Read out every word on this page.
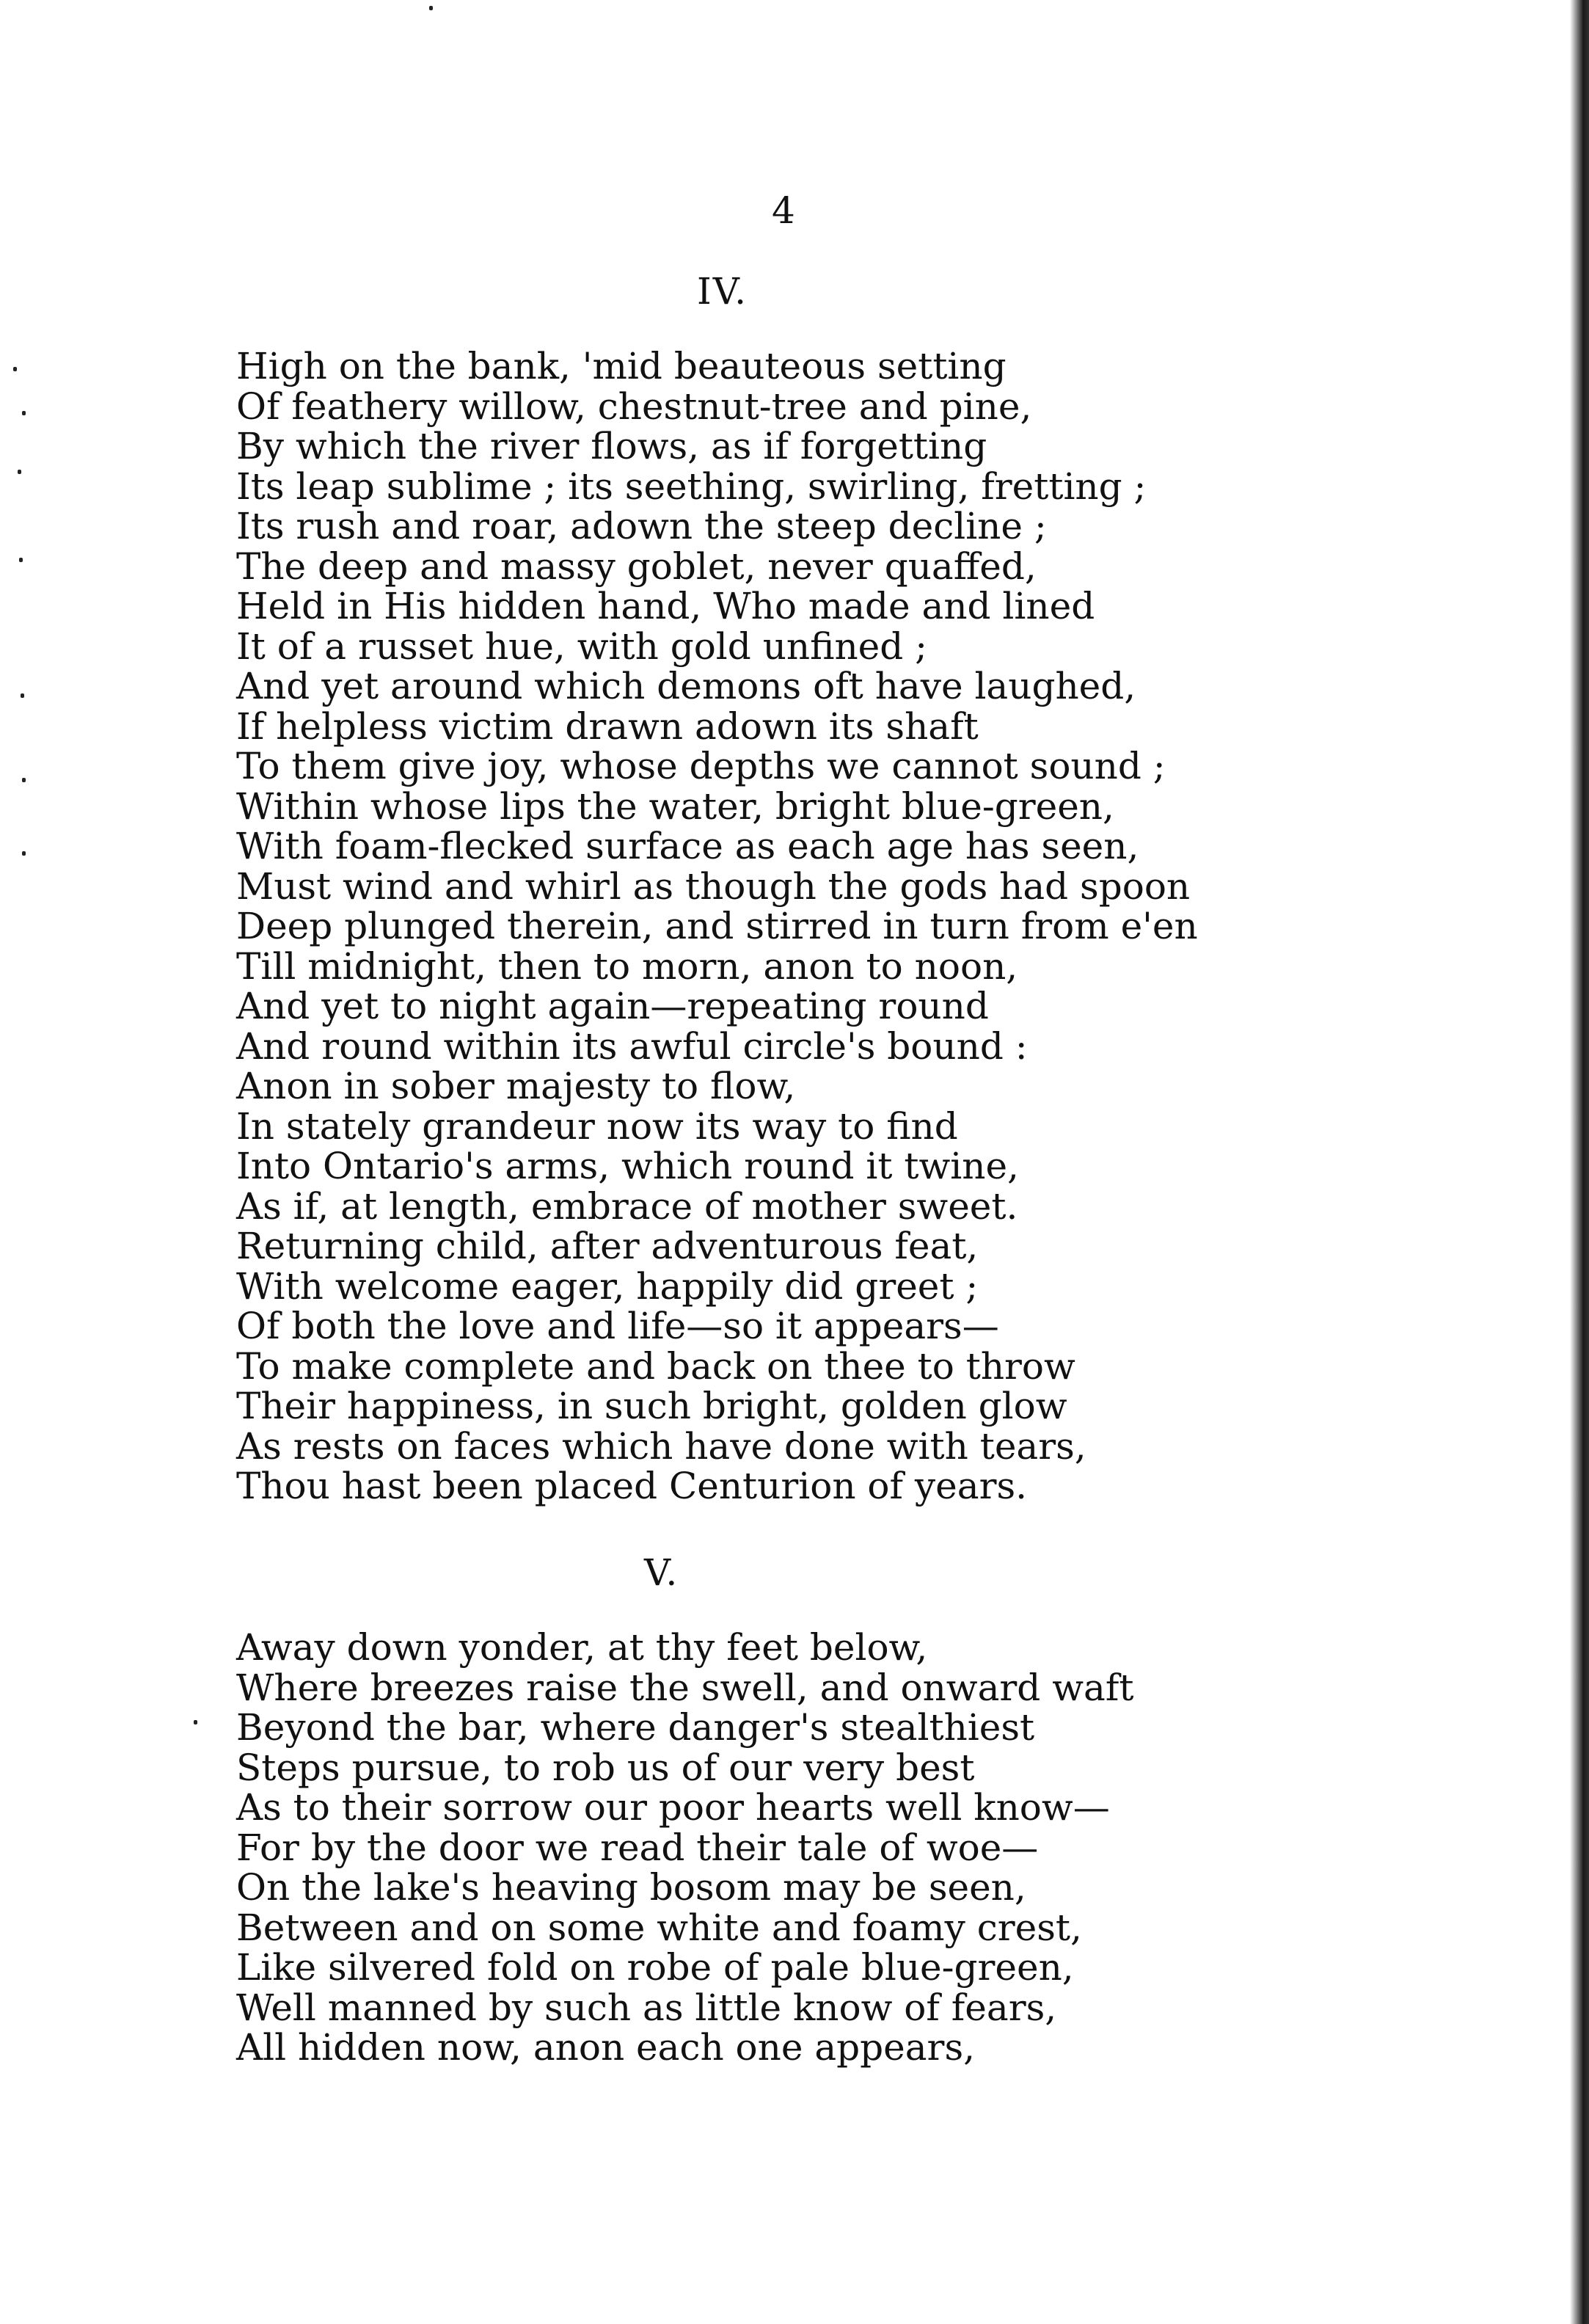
4
IV.
High on the bank, 'mid beauteous setting
Of feathery willow, chestnut-tree and pine,
By which the river flows, as if forgetting
Its leap sublime ; its seething, swirling, fretting ;
Its rush and roar, adown the steep decline ;
The deep and massy goblet, never quaffed,
Held in His hidden hand, Who made and lined
It of a russet hue, with gold unfined ;
And yet around which demons oft have laughed,
If helpless victim drawn adown its shaft
To them give joy, whose depths we cannot sound ;
Within whose lips the water, bright blue-green,
With foam-flecked surface as each age has seen,
Must wind and whirl as though the gods had spoon
Deep plunged therein, and stirred in turn from e'en
Till midnight, then to morn, anon to noon,
And yet to night again—repeating round
And round within its awful circle's bound :
Anon in sober majesty to flow,
In stately grandeur now its way to find
Into Ontario's arms, which round it twine,
As if, at length, embrace of mother sweet.
Returning child, after adventurous feat,
With welcome eager, happily did greet ;
Of both the love and life—so it appears—
To make complete and back on thee to throw
Their happiness, in such bright, golden glow
As rests on faces which have done with tears,
Thou hast been placed Centurion of years.
V.
Away down yonder, at thy feet below,
Where breezes raise the swell, and onward waft
Beyond the bar, where danger's stealthiest
Steps pursue, to rob us of our very best
As to their sorrow our poor hearts well know—
For by the door we read their tale of woe—
On the lake's heaving bosom may be seen,
Between and on some white and foamy crest,
Like silvered fold on robe of pale blue-green,
Well manned by such as little know of fears,
All hidden now, anon each one appears,
